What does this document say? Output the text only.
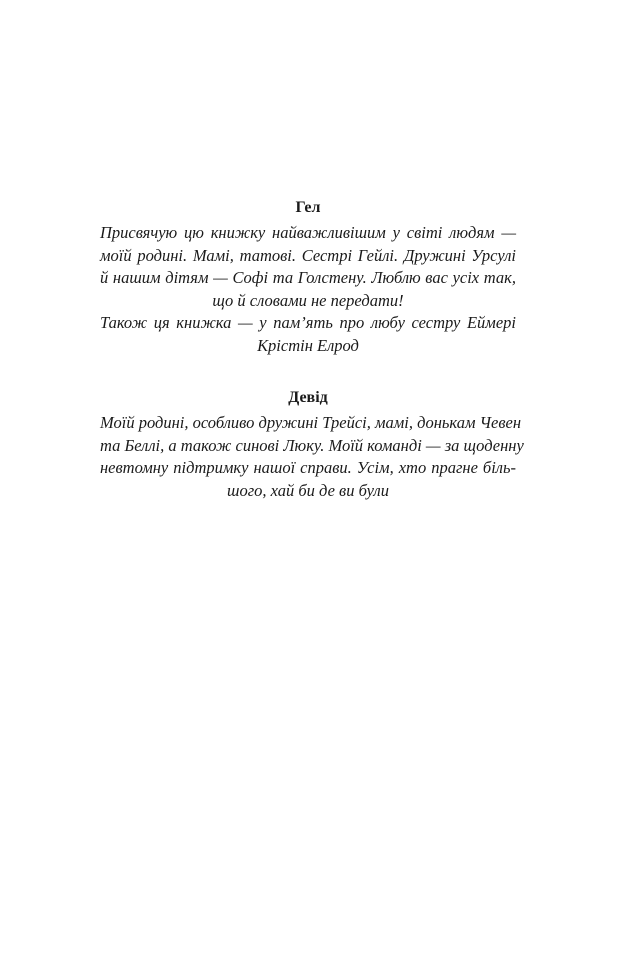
Гел
Присвячую цю книжку найважливішим у світі людям —
моїй родині. Мамі, татові. Сестрі Гейлі. Дружині Урсулі
й нашим дітям — Софі та Голстену. Люблю вас усіх так,
що й словами не передати!
Також ця книжка — у пам’ять про любу сестру Еймері
Крістін Елрод
Девід
Моїй родині, особливо дружині Трейсі, мамі, донькам Чевен
та Беллі, а також синові Люку. Моїй команді — за щоденну
невтомну підтримку нашої справи. Усім, хто прагне біль-
шого, хай би де ви були
